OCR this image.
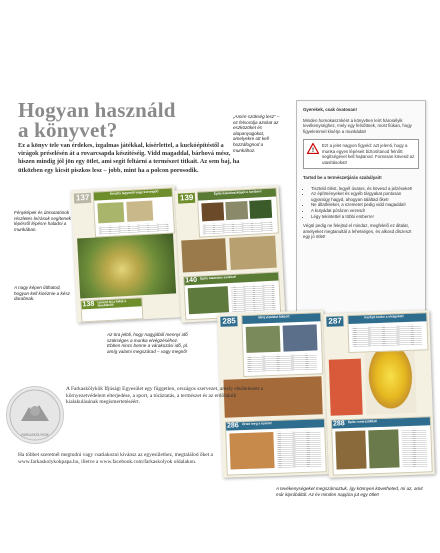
Hogyan használd
a könyvet?
Ez a könyv tele van érdekes, izgalmas játékkal, kísérlettel, a kuckóépítéstől a virágok préselésén át a rovarcsapda készítéséig. Vidd magaddal, bárhová mész, hiszen mindig jól jön egy ötlet, ami segít feltárni a természet titkait. Az sem baj, ha ütközben egy kicsit piszkos lesz – jobb, mint ha a polcon porosodik.
„Amire szükség lesz” – ez felsorolja azokat az eszközöket és alapanyagokat, amelyekre ott kell hozzáfognod a munkához.
Fényképek és útmutatónok részletes leírások segítenek lépésről lépésre haladni a munkában.
A nagy képen láthatod, hogyan kell kinéznie a kész darabnak.
Az öra jelöli, hogy nagyjából mennyi idő szükséges a munka elvégzéséhez. Ebben nincs benne a várakozási idő, pl. amíg valami megszárad – vagy megnő!
A tevékenységeket megszámoztuk, így könnyen követheted, mi az, amit már kipróbáltál. Az év minden napjára jut egy ötlet!

Gyerekek, csak óvatosan!

Minden homokasznként a könyvben leírt hárosélyik tevékenységhez, mely egy felnőttnek, most fiúkan, hogy figyelemmel kísérje a munkádat!

!
Ezt a jelet nagyon figyeld: azt jelenti, hogy a munka egyes lépéseit biztosítanod felnőtt segítségével kell hajtanod. Fontosan kövesd az utasításokat!

Tartsd be a természetjárás szabályait!

• Tiszteld ölést, legyél óvatos, és kövesd a jelzéseket!
• Az építményeket és egyéb tárgyakat pontosan ugyanúgy hagyd, ahogyan találtad őket!
• Ne állatfeleket, a szemetet pedig vidd magaddal!
• A kutyádat pórázon vezesd!
• Légy tekintettel a többi emberre!

Végül pedig ne felejtsd el mindaz, megfelelő ez általat, amelyeket megtanultál a lehetséges, és alkosd díszeszt egy jó ötlet!

137
Készíts legyezőt vagy korongot!
138 Ismerd fel a fákat a levelükről!
139
Építs kaleidoszkópot a kertben!
140 Építs kalandos eszközt!
285	Mérj vízállást fákból!
286 Őrizd meg a nyarat!
287	Kerítsd körbe a virágokat!
288 Építs rovarszállást!
FARKASKÖLYKÖK
A Farkaskölykök Ifjúsági Egyesület egy független, országos szervezet, amely elkötelezett a környezetvédelem elterjedése, a sport, a túráztatás, a természet és az erdőlakók kialakulásának megismertetéséért.
Ha többet szeretnél megtudni vagy csatlakozni kívánsz az egyesülethez, megtalálod őket a www.farkaskolykokpapa.hu, illetve a www.facebook.com/farkaskolyok oldalakon.
